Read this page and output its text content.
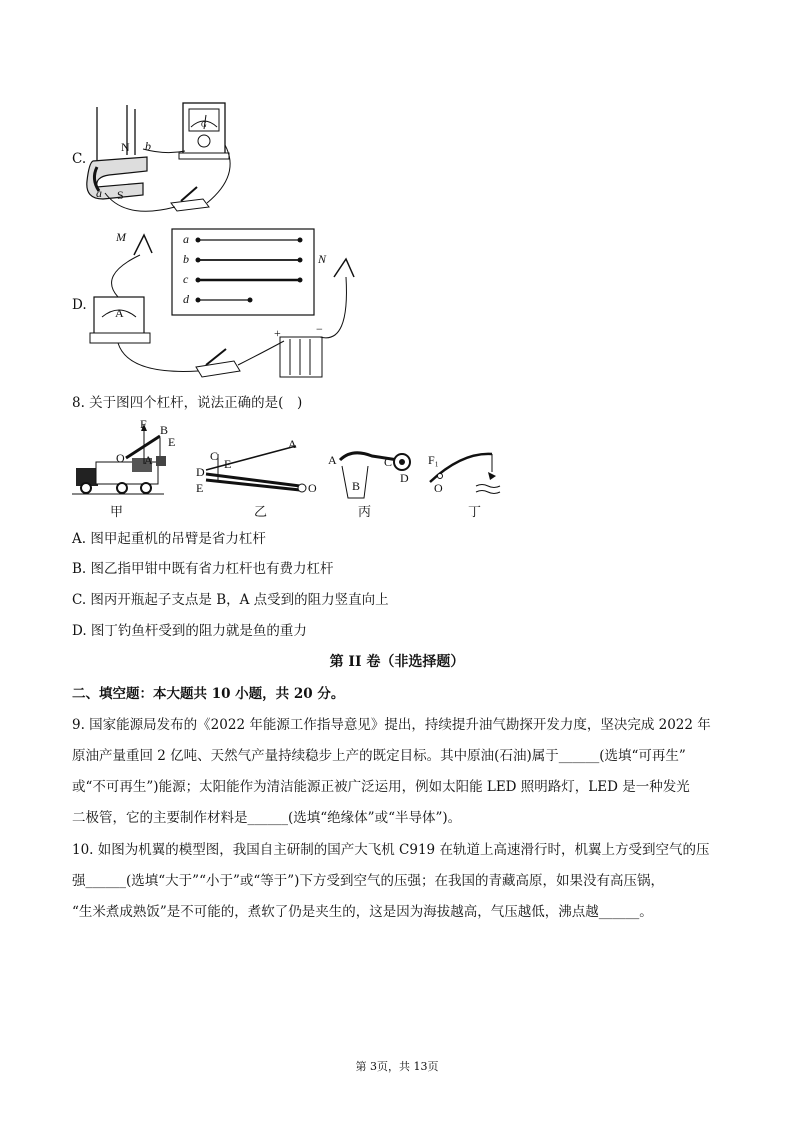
C.
N
S
b
a
G
D.
a
b
c
d
M
N
A
+	−
8. 关于图四个杠杆，说法正确的是(　)
F B
E
O A
甲
C
E
D
E
A
O
乙
A	C
B
D
丙
F₁
O
丁
A. 图甲起重机的吊臂是省力杠杆
B. 图乙指甲钳中既有省力杠杆也有费力杠杆
C. 图丙开瓶起子支点是 B，A 点受到的阻力竖直向上
D. 图丁钓鱼杆受到的阻力就是鱼的重力
第 II 卷（非选择题）
二、填空题：本大题共 10 小题，共 20 分。
9. 国家能源局发布的《2022 年能源工作指导意见》提出，持续提升油气勘探开发力度，坚决完成 2022 年
原油产量重回 2 亿吨、天然气产量持续稳步上产的既定目标。其中原油(石油)属于______(选填“可再生”
或“不可再生”)能源；太阳能作为清洁能源正被广泛运用，例如太阳能 LED 照明路灯，LED 是一种发光
二极管，它的主要制作材料是______(选填“绝缘体”或“半导体”)。
10. 如图为机翼的模型图，我国自主研制的国产大飞机 C919 在轨道上高速滑行时，机翼上方受到空气的压
强______(选填“大于”“小于”或“等于”)下方受到空气的压强；在我国的青藏高原，如果没有高压锅，
“生米煮成熟饭”是不可能的，煮软了仍是夹生的，这是因为海拔越高，气压越低，沸点越______。
第 3页，共 13页
